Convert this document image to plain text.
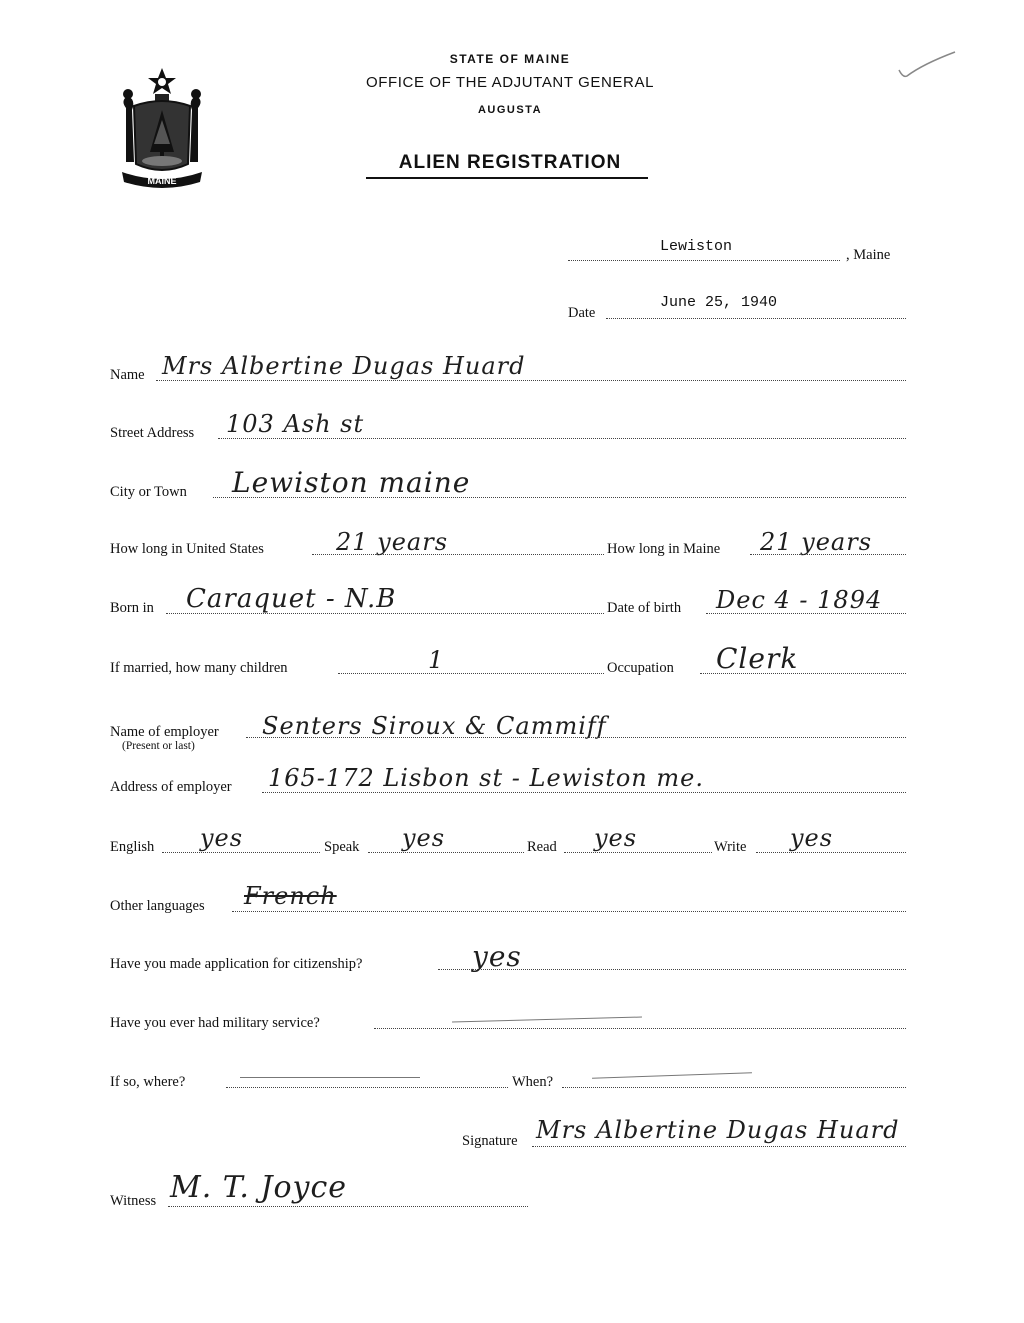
MAINE
STATE OF MAINE
OFFICE OF THE ADJUTANT GENERAL
AUGUSTA
ALIEN REGISTRATION
Lewiston	, Maine
Date
June 25, 1940
Name Mrs Albertine Dugas Huard
Street Address 103 Ash st
City or Town Lewiston maine
How long in United States	21 years	How long in Maine 21 years
Born in Caraquet - N.B	Date of birth Dec 4 - 1894
If married, how many children	1	Occupation Clerk
Name of employer
(Present or last)
Senters Siroux & Cammiff
Address of employer 165-172 Lisbon st - Lewiston me.
English yes	Speak yes	Read yes	Write yes
Other languages French
Have you made application for citizenship?	yes
Have you ever had military service?
If so, where?	When?
Signature Mrs Albertine Dugas Huard
Witness M. T. Joyce
